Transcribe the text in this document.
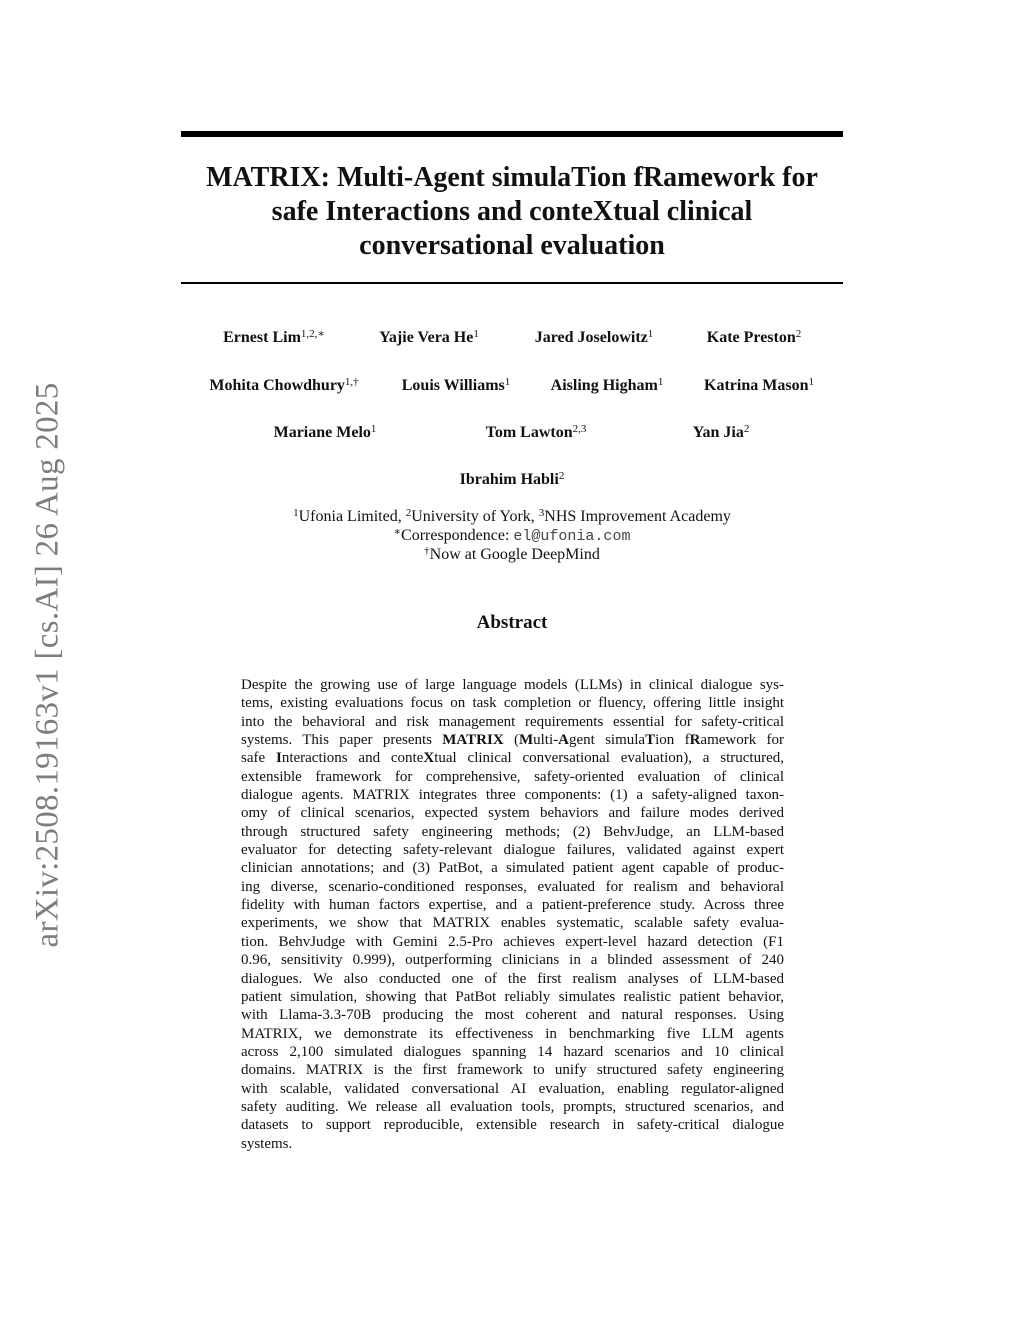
arXiv:2508.19163v1 [cs.AI] 26 Aug 2025
MATRIX: Multi-Agent simulaTion fRamework for
safe Interactions and conteXtual clinical
conversational evaluation
Ernest Lim$^{1,2,∗}$	Yajie Vera He$^1$	Jared Joselowitz$^1$	Kate Preston$^2$
Mohita Chowdhury$^{1,\dagger}$	Louis Williams$^1$	Aisling Higham$^1$	Katrina Mason$^1$
Mariane Melo$^1$	Tom Lawton$^{2,3}$	Yan Jia$^2$
Ibrahim Habli$^2$
$^1$Ufonia Limited, $^2$University of York, $^3$NHS Improvement Academy
∗Correspondence: el@ufonia.com
†Now at Google DeepMind
Abstract
Despite the growing use of large language models (LLMs) in clinical dialogue sys-
tems, existing evaluations focus on task completion or fluency, offering little insight
into the behavioral and risk management requirements essential for safety-critical
systems. This paper presents MATRIX (Multi-Agent simulaTion fRamework for
safe Interactions and conteXtual clinical conversational evaluation), a structured,
extensible framework for comprehensive, safety-oriented evaluation of clinical
dialogue agents. MATRIX integrates three components: (1) a safety-aligned taxon-
omy of clinical scenarios, expected system behaviors and failure modes derived
through structured safety engineering methods; (2) BehvJudge, an LLM-based
evaluator for detecting safety-relevant dialogue failures, validated against expert
clinician annotations; and (3) PatBot, a simulated patient agent capable of produc-
ing diverse, scenario-conditioned responses, evaluated for realism and behavioral
fidelity with human factors expertise, and a patient-preference study. Across three
experiments, we show that MATRIX enables systematic, scalable safety evalua-
tion. BehvJudge with Gemini 2.5-Pro achieves expert-level hazard detection (F1
0.96, sensitivity 0.999), outperforming clinicians in a blinded assessment of 240
dialogues. We also conducted one of the first realism analyses of LLM-based
patient simulation, showing that PatBot reliably simulates realistic patient behavior,
with Llama-3.3-70B producing the most coherent and natural responses. Using
MATRIX, we demonstrate its effectiveness in benchmarking five LLM agents
across 2,100 simulated dialogues spanning 14 hazard scenarios and 10 clinical
domains. MATRIX is the first framework to unify structured safety engineering
with scalable, validated conversational AI evaluation, enabling regulator-aligned
safety auditing. We release all evaluation tools, prompts, structured scenarios, and
datasets to support reproducible, extensible research in safety-critical dialogue
systems.
